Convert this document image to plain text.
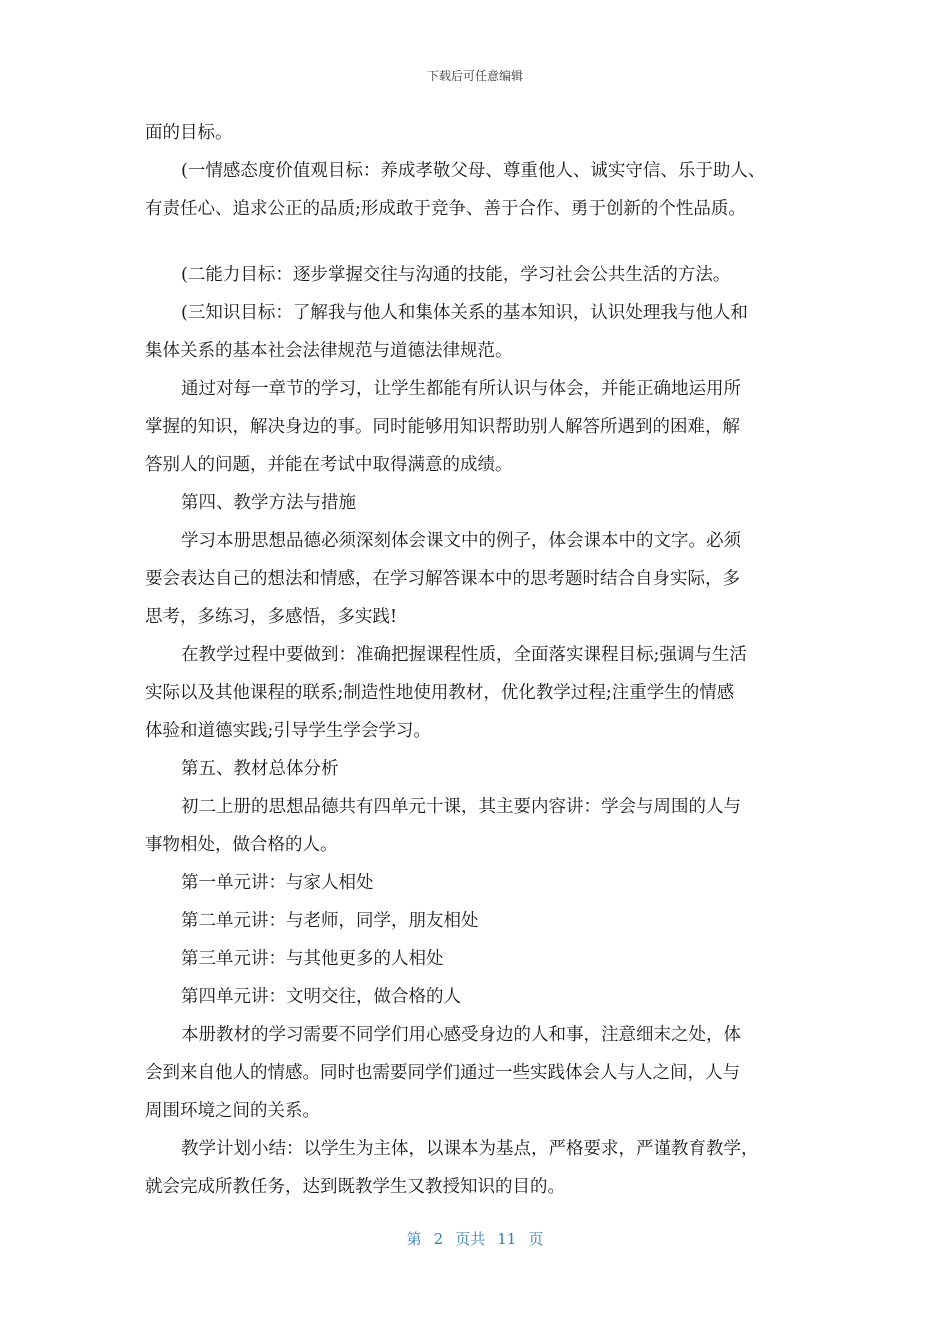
下载后可任意编辑
面的目标。
(一情感态度价值观目标：养成孝敬父母、尊重他人、诚实守信、乐于助人、
有责任心、追求公正的品质;形成敢于竞争、善于合作、勇于创新的个性品质。
(二能力目标：逐步掌握交往与沟通的技能，学习社会公共生活的方法。
(三知识目标：了解我与他人和集体关系的基本知识，认识处理我与他人和
集体关系的基本社会法律规范与道德法律规范。
通过对每一章节的学习，让学生都能有所认识与体会，并能正确地运用所
掌握的知识，解决身边的事。同时能够用知识帮助别人解答所遇到的困难，解
答别人的问题，并能在考试中取得满意的成绩。
第四、教学方法与措施
学习本册思想品德必须深刻体会课文中的例子，体会课本中的文字。必须
要会表达自己的想法和情感，在学习解答课本中的思考题时结合自身实际，多
思考，多练习，多感悟，多实践!
在教学过程中要做到：准确把握课程性质，全面落实课程目标;强调与生活
实际以及其他课程的联系;制造性地使用教材，优化教学过程;注重学生的情感
体验和道德实践;引导学生学会学习。
第五、教材总体分析
初二上册的思想品德共有四单元十课，其主要内容讲：学会与周围的人与
事物相处，做合格的人。
第一单元讲：与家人相处
第二单元讲：与老师，同学，朋友相处
第三单元讲：与其他更多的人相处
第四单元讲：文明交往，做合格的人
本册教材的学习需要不同学们用心感受身边的人和事，注意细末之处，体
会到来自他人的情感。同时也需要同学们通过一些实践体会人与人之间，人与
周围环境之间的关系。
教学计划小结：以学生为主体，以课本为基点，严格要求，严谨教育教学，
就会完成所教任务，达到既教学生又教授知识的目的。
第 2 页共 11 页
